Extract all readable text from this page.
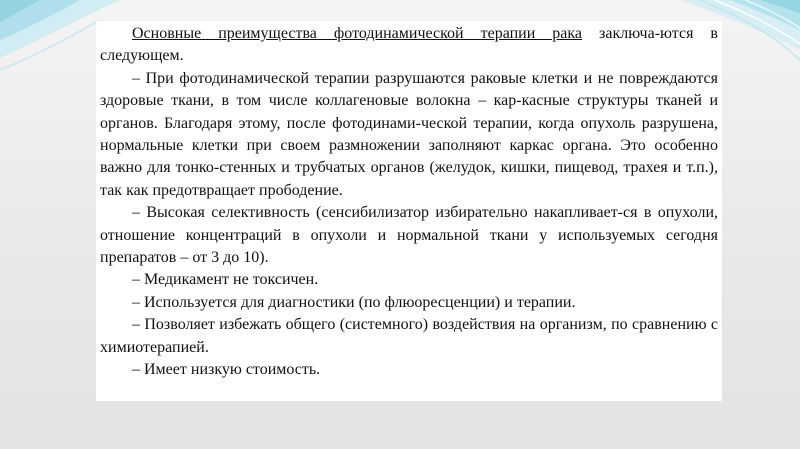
Основные преимущества фотодинамической терапии рака заключа-ются в следующем.

– При фотодинамической терапии разрушаются раковые клетки и не повреждаются здоровые ткани, в том числе коллагеновые волокна – кар-касные структуры тканей и органов. Благодаря этому, после фотодинами-ческой терапии, когда опухоль разрушена, нормальные клетки при своем размножении заполняют каркас органа. Это особенно важно для тонко-стенных и трубчатых органов (желудок, кишки, пищевод, трахея и т.п.), так как предотвращает прободение.

– Высокая селективность (сенсибилизатор избирательно накапливает-ся в опухоли, отношение концентраций в опухоли и нормальной ткани у используемых сегодня препаратов – от 3 до 10).

– Медикамент не токсичен.

– Используется для диагностики (по флюоресценции) и терапии.

– Позволяет избежать общего (системного) воздействия на организм, по сравнению с химиотерапией.

– Имеет низкую стоимость.
